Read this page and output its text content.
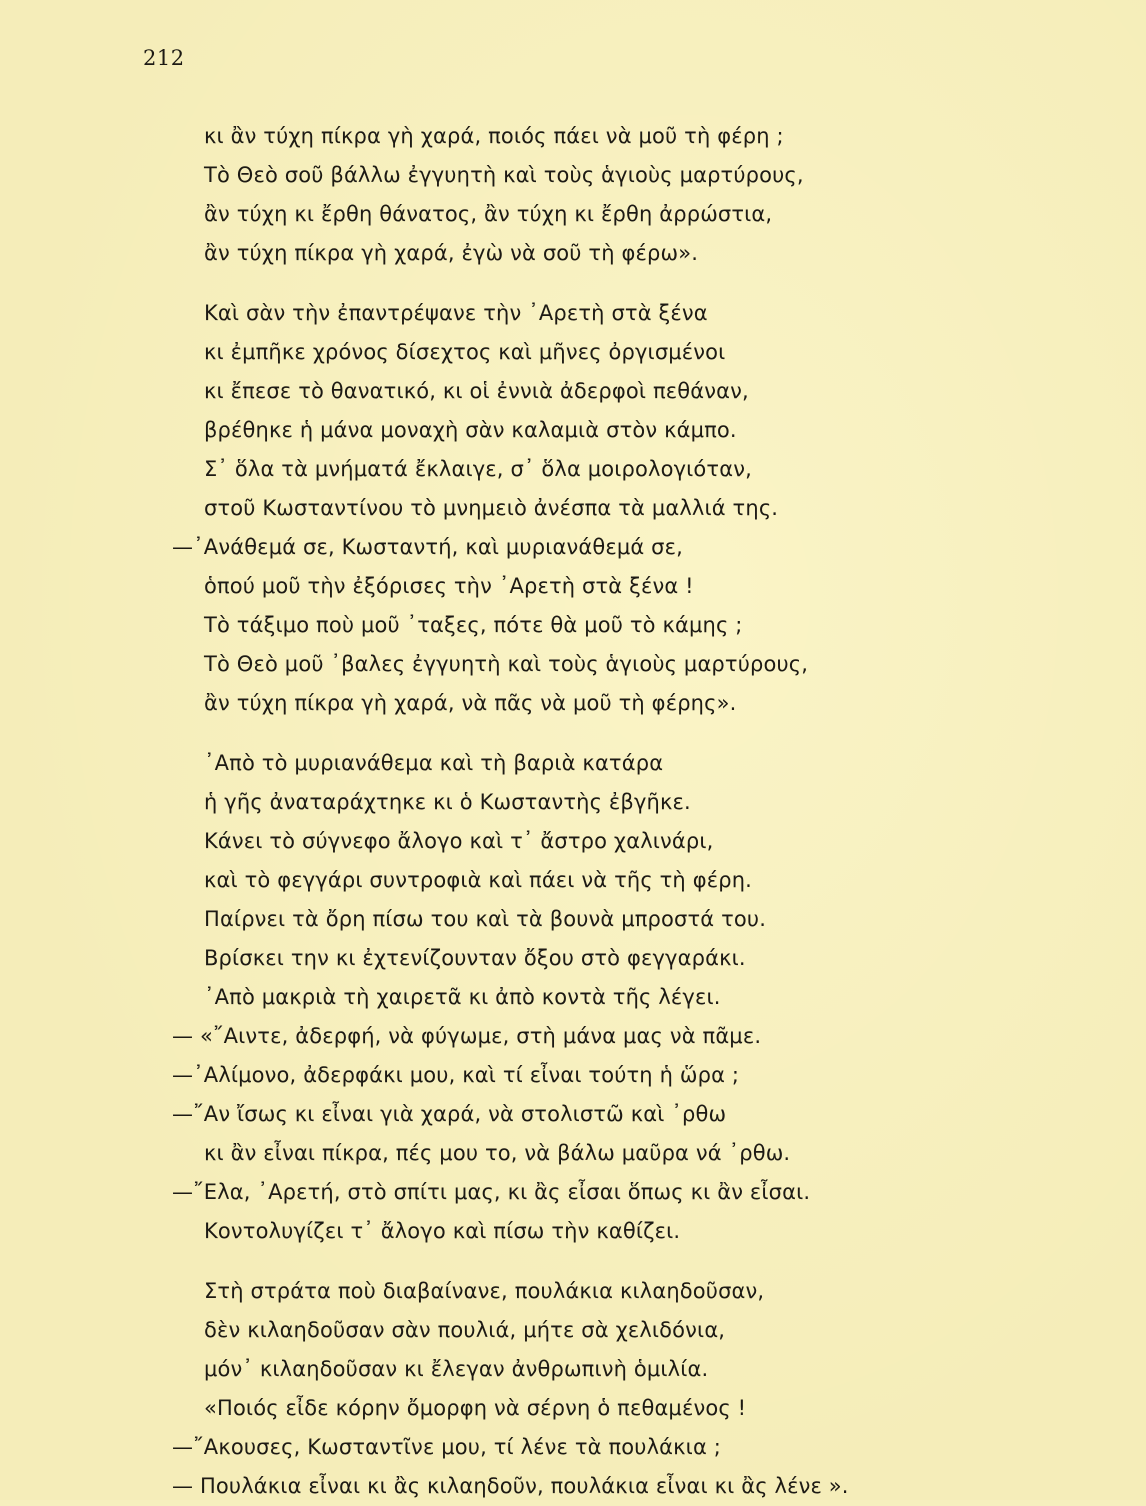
212
κι ἂν τύχη πίκρα γὴ χαρά, ποιός πάει νὰ μοῦ τὴ φέρη ;
Τὸ Θεὸ σοῦ βάλλω ἐγγυητὴ καὶ τοὺς ἁγιοὺς μαρτύρους,
ἂν τύχη κι ἔρθη θάνατος, ἂν τύχη κι ἔρθη ἀρρώστια,
ἂν τύχη πίκρα γὴ χαρά, ἐγὼ νὰ σοῦ τὴ φέρω».
Καὶ σὰν τὴν ἐπαντρέψανε τὴν ᾿Αρετὴ στὰ ξένα
κι ἐμπῆκε χρόνος δίσεχτος καὶ μῆνες ὀργισμένοι
κι ἔπεσε τὸ θανατικό, κι οἱ ἐννιὰ ἀδερφοὶ πεθάναν,
βρέθηκε ἡ μάνα μοναχὴ σὰν καλαμιὰ στὸν κάμπο.
Σ᾿ ὅλα τὰ μνήματά ἔκλαιγε, σ᾿ ὅλα μοιρολογιόταν,
στοῦ Κωσταντίνου τὸ μνημειὸ ἀνέσπα τὰ μαλλιά της.
—᾿Ανάθεμά σε, Κωσταντή, καὶ μυριανάθεμά σε,
ὁπού μοῦ τὴν ἐξόρισες τὴν ᾿Αρετὴ στὰ ξένα !
Τὸ τάξιμο ποὺ μοῦ ᾿ταξες, πότε θὰ μοῦ τὸ κάμης ;
Τὸ Θεὸ μοῦ ᾿βαλες ἐγγυητὴ καὶ τοὺς ἁγιοὺς μαρτύρους,
ἂν τύχη πίκρα γὴ χαρά, νὰ πᾶς νὰ μοῦ τὴ φέρης».
᾿Απὸ τὸ μυριανάθεμα καὶ τὴ βαριὰ κατάρα
ἡ γῆς ἀναταράχτηκε κι ὁ Κωσταντὴς ἐβγῆκε.
Κάνει τὸ σύγνεφο ἄλογο καὶ τ᾿ ἄστρο χαλινάρι,
καὶ τὸ φεγγάρι συντροφιὰ καὶ πάει νὰ τῆς τὴ φέρη.
Παίρνει τὰ ὄρη πίσω του καὶ τὰ βουνὰ μπροστά του.
Βρίσκει την κι ἐχτενίζουνταν ὄξου στὸ φεγγαράκι.
᾿Απὸ μακριὰ τὴ χαιρετᾶ κι ἀπὸ κοντὰ τῆς λέγει.
— «῎Αιντε, ἀδερφή, νὰ φύγωμε, στὴ μάνα μας νὰ πᾶμε.
—᾿Αλίμονο, ἀδερφάκι μου, καὶ τί εἶναι τούτη ἡ ὥρα ;
—῎Αν ἴσως κι εἶναι γιὰ χαρά, νὰ στολιστῶ καὶ ᾿ρθω
κι ἂν εἶναι πίκρα, πές μου το, νὰ βάλω μαῦρα νά ᾿ρθω.
—῎Ελα, ᾿Αρετή, στὸ σπίτι μας, κι ἂς εἶσαι ὅπως κι ἂν εἶσαι.
Κοντολυγίζει τ᾿ ἄλογο καὶ πίσω τὴν καθίζει.
Στὴ στράτα ποὺ διαβαίνανε, πουλάκια κιλαηδοῦσαν,
δὲν κιλαηδοῦσαν σὰν πουλιά, μήτε σὰ χελιδόνια,
μόν᾿ κιλαηδοῦσαν κι ἔλεγαν ἀνθρωπινὴ ὁμιλία.
«Ποιός εἶδε κόρην ὄμορφη νὰ σέρνη ὁ πεθαμένος !
—῎Ακουσες, Κωσταντῖνε μου, τί λένε τὰ πουλάκια ;
— Πουλάκια εἶναι κι ἂς κιλαηδοῦν, πουλάκια εἶναι κι ἂς λένε ».
